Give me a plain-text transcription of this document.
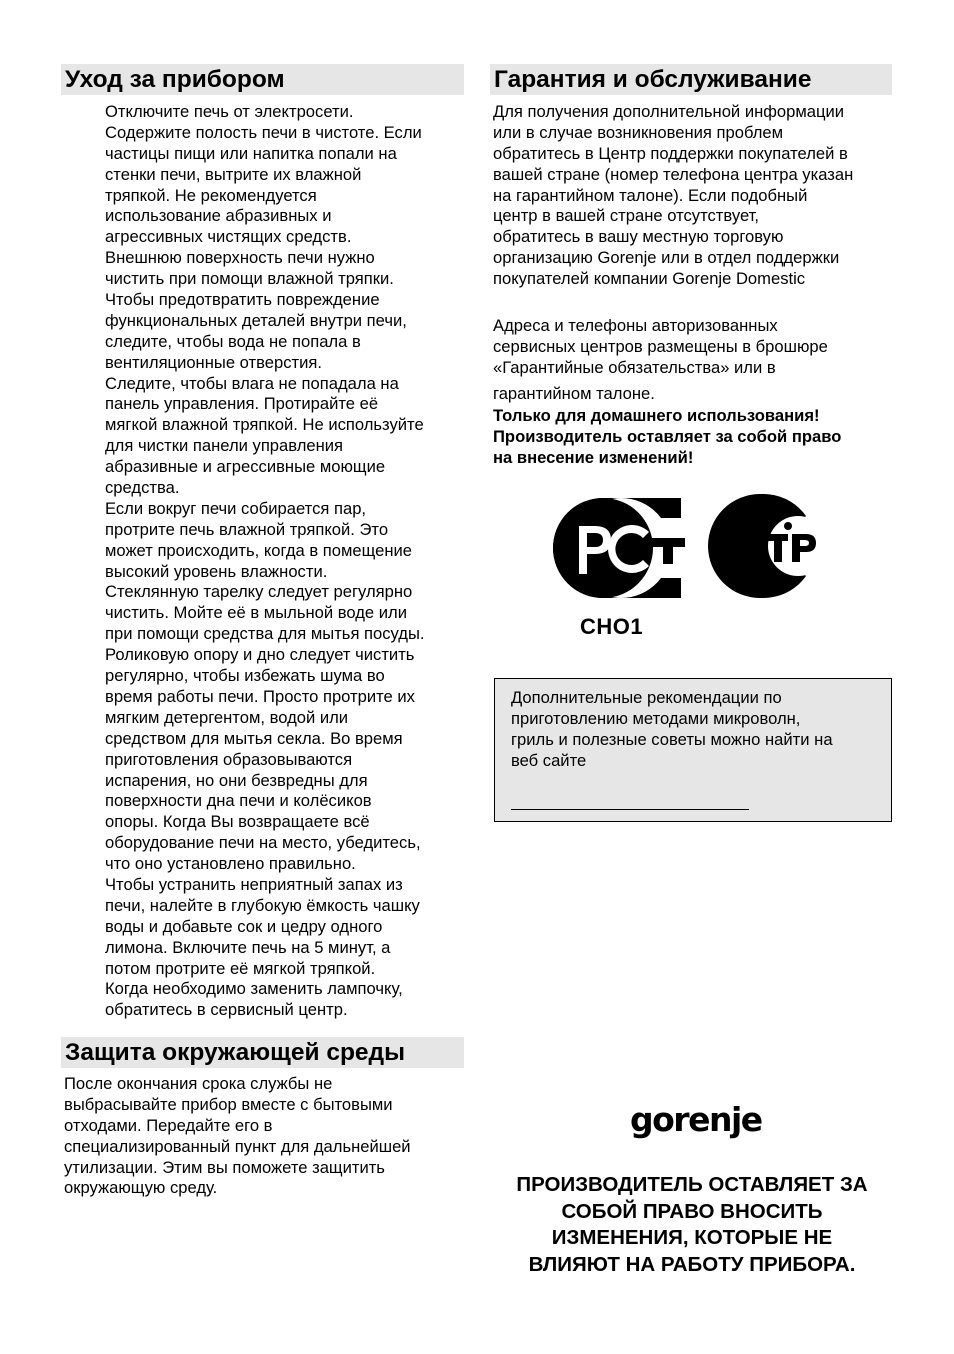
Уход за прибором
Отключите печь от электросети.
Содержите полость печи в чистоте. Если
частицы пищи или напитка попали на
стенки печи, вытрите их влажной
тряпкой. Не рекомендуется
использование абразивных и
агрессивных чистящих средств.
Внешнюю поверхность печи нужно
чистить при помощи влажной тряпки.
Чтобы предотвратить повреждение
функциональных деталей внутри печи,
следите, чтобы вода не попала в
вентиляционные отверстия.
Следите, чтобы влага не попадала на
панель управления. Протирайте её
мягкой влажной тряпкой. Не используйте
для чистки панели управления
абразивные и агрессивные моющие
средства.
Если вокруг печи собирается пар,
протрите печь влажной тряпкой. Это
может происходить, когда в помещение
высокий уровень влажности.
Стеклянную тарелку следует регулярно
чистить. Мойте её в мыльной воде или
при помощи средства для мытья посуды.
Роликовую опору и дно следует чистить
регулярно, чтобы избежать шума во
время работы печи. Просто протрите их
мягким детергентом, водой или
средством для мытья секла. Во время
приготовления образовываются
испарения, но они безвредны для
поверхности дна печи и колёсиков
опоры. Когда Вы возвращаете всё
оборудование печи на место, убедитесь,
что оно установлено правильно.
Чтобы устранить неприятный запах из
печи, налейте в глубокую ёмкость чашку
воды и добавьте сок и цедру одного
лимона. Включите печь на 5 минут, а
потом протрите её мягкой тряпкой.
Когда необходимо заменить лампочку,
обратитесь в сервисный центр.
Защита окружающей среды
После окончания срока службы не
выбрасывайте прибор вместе с бытовыми
отходами. Передайте его в
специализированный пункт для дальнейшей
утилизации. Этим вы поможете защитить
окружающую среду.
Гарантия и обслуживание
Для получения дополнительной информации
или в случае возникновения проблем
обратитесь в Центр поддержки покупателей в
вашей стране (номер телефона центра указан
на гарантийном талоне). Если подобный
центр в вашей стране отсутствует,
обратитесь в вашу местную торговую
организацию Gorenje или в отдел поддержки
покупателей компании Gorenje Domestic
Адреса и телефоны авторизованных
сервисных центров размещены в брошюре
«Гарантийные обязательства» или в
гарантийном талоне.
Только для домашнего использования!
Производитель оставляет за собой право
на внесение изменений!
СНО1
Дополнительные рекомендации по
приготовлению методами микроволн,
гриль и полезные советы можно найти на
веб сайте
gorenje
ПРОИЗВОДИТЕЛЬ ОСТАВЛЯЕТ ЗА
СОБОЙ ПРАВО ВНОСИТЬ
ИЗМЕНЕНИЯ, КОТОРЫЕ НЕ
ВЛИЯЮТ НА РАБОТУ ПРИБОРА.
